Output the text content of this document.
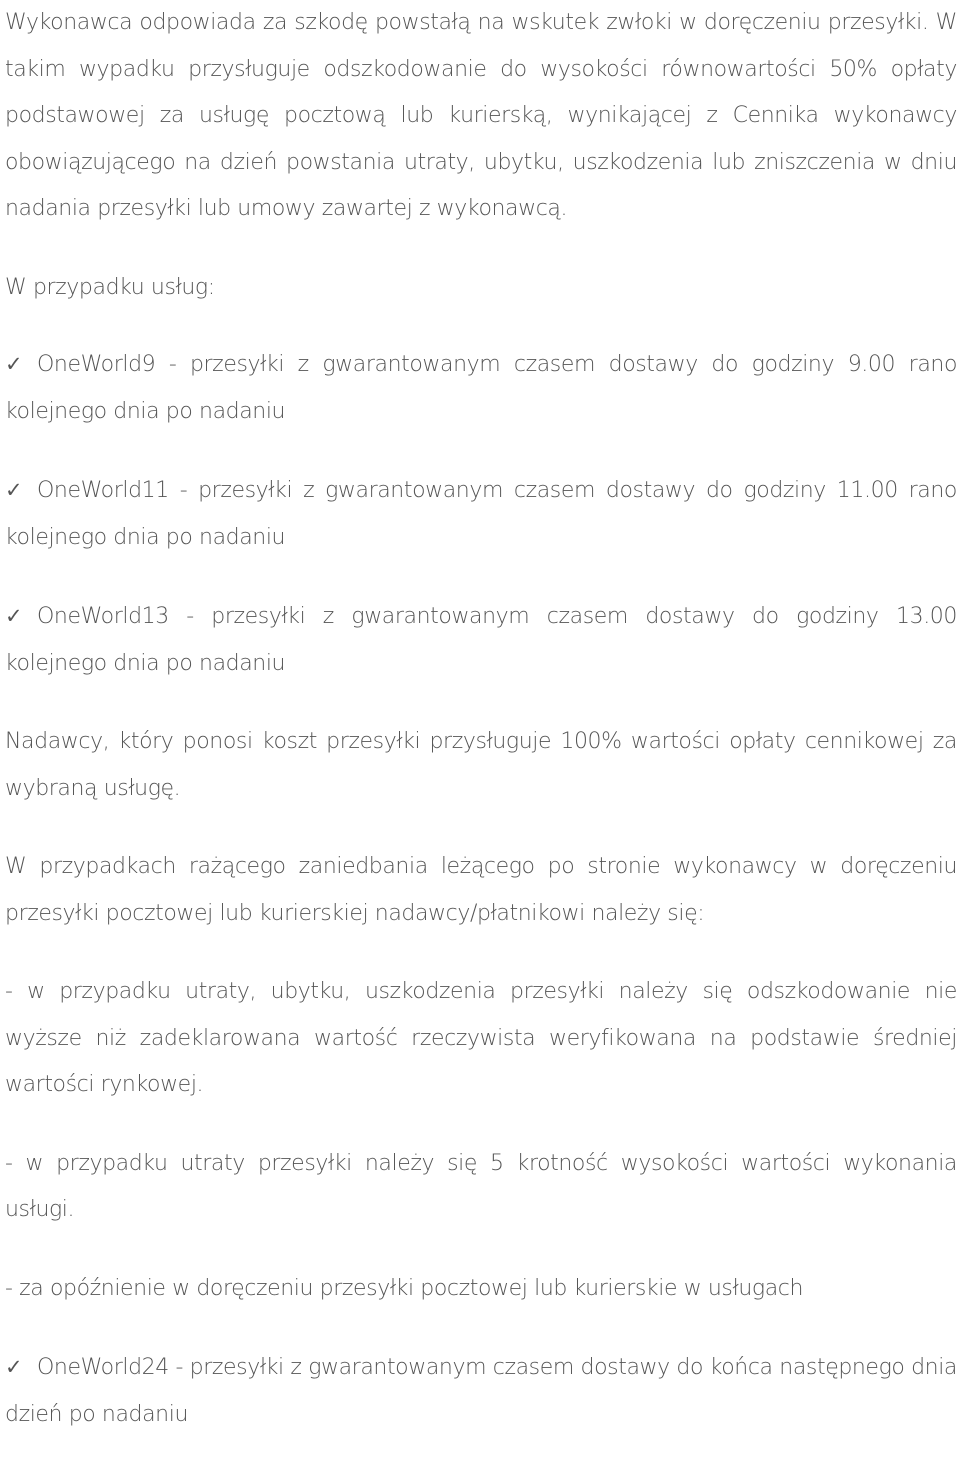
Wykonawca odpowiada za szkodę powstałą na wskutek zwłoki w doręczeniu przesyłki. W takim wypadku przysługuje odszkodowanie do wysokości równowartości 50% opłaty podstawowej za usługę pocztową lub kurierską, wynikającej z Cennika wykonawcy obowiązującego na dzień powstania utraty, ubytku, uszkodzenia lub zniszczenia w dniu nadania przesyłki lub umowy zawartej z wykonawcą.

W przypadku usług:

✓ OneWorld9 - przesyłki z gwarantowanym czasem dostawy do godziny 9.00 rano kolejnego dnia po nadaniu

✓ OneWorld11 - przesyłki z gwarantowanym czasem dostawy do godziny 11.00 rano kolejnego dnia po nadaniu

✓ OneWorld13 - przesyłki z gwarantowanym czasem dostawy do godziny 13.00 kolejnego dnia po nadaniu

Nadawcy, który ponosi koszt przesyłki przysługuje 100% wartości opłaty cennikowej za wybraną usługę.

W przypadkach rażącego zaniedbania leżącego po stronie wykonawcy w doręczeniu przesyłki pocztowej lub kurierskiej nadawcy/płatnikowi należy się:

- w przypadku utraty, ubytku, uszkodzenia przesyłki należy się odszkodowanie nie wyższe niż zadeklarowana wartość rzeczywista weryfikowana na podstawie średniej wartości rynkowej.

- w przypadku utraty przesyłki należy się 5 krotność wysokości wartości wykonania usługi.

- za opóźnienie w doręczeniu przesyłki pocztowej lub kurierskie w usługach

✓ OneWorld24 - przesyłki z gwarantowanym czasem dostawy do końca następnego dnia dzień po nadaniu
